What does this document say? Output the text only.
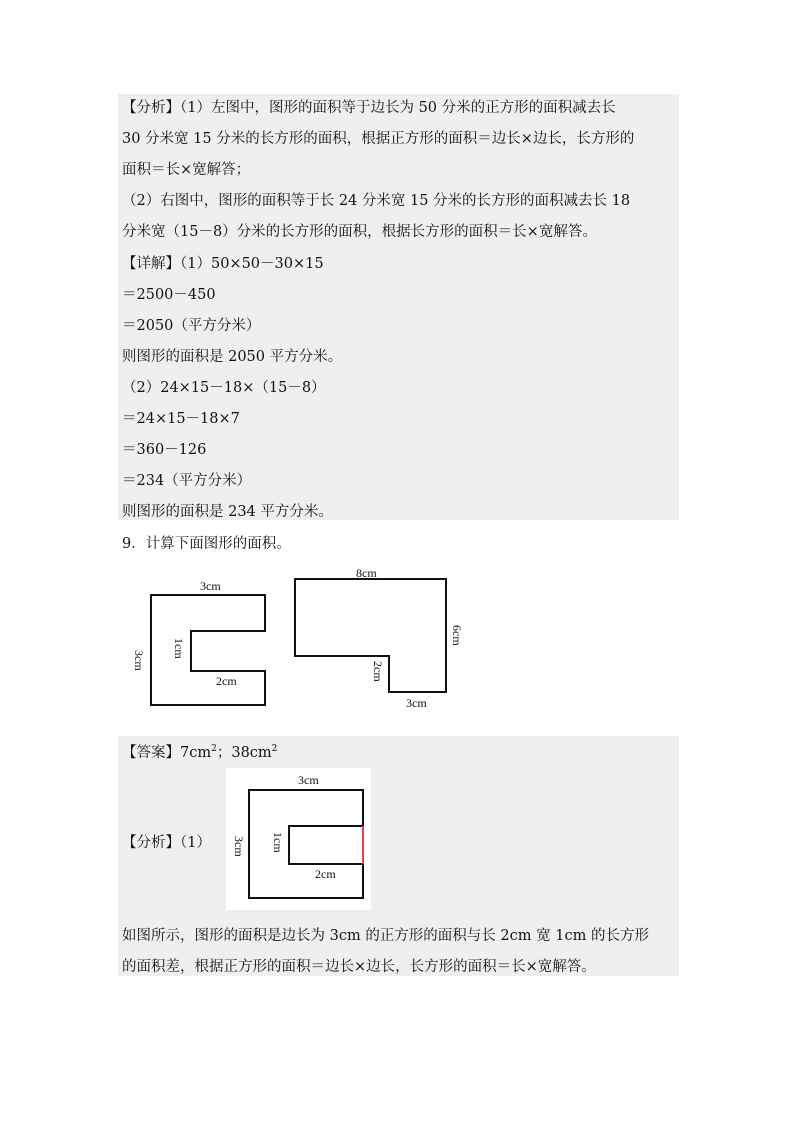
【分析】（1）左图中，图形的面积等于边长为 50 分米的正方形的面积减去长
30 分米宽 15 分米的长方形的面积，根据正方形的面积＝边长×边长，长方形的
面积＝长×宽解答；
（2）右图中，图形的面积等于长 24 分米宽 15 分米的长方形的面积减去长 18
分米宽（15－8）分米的长方形的面积，根据长方形的面积＝长×宽解答。
【详解】（1）50×50－30×15
＝2500－450
＝2050（平方分米）
则图形的面积是 2050 平方分米。
（2）24×15－18×（15－8）
＝24×15－18×7
＝360－126
＝234（平方分米）
则图形的面积是 234 平方分米。
9．计算下面图形的面积。
3cm
3cm
1cm
2cm
8cm
6cm
2cm
3cm
【答案】$7cm^2$；$38cm^2$
【分析】（1）
3cm
3cm 1cm
2cm
如图所示，图形的面积是边长为 3cm 的正方形的面积与长 2cm 宽 1cm 的长方形
的面积差，根据正方形的面积＝边长×边长，长方形的面积＝长×宽解答。
